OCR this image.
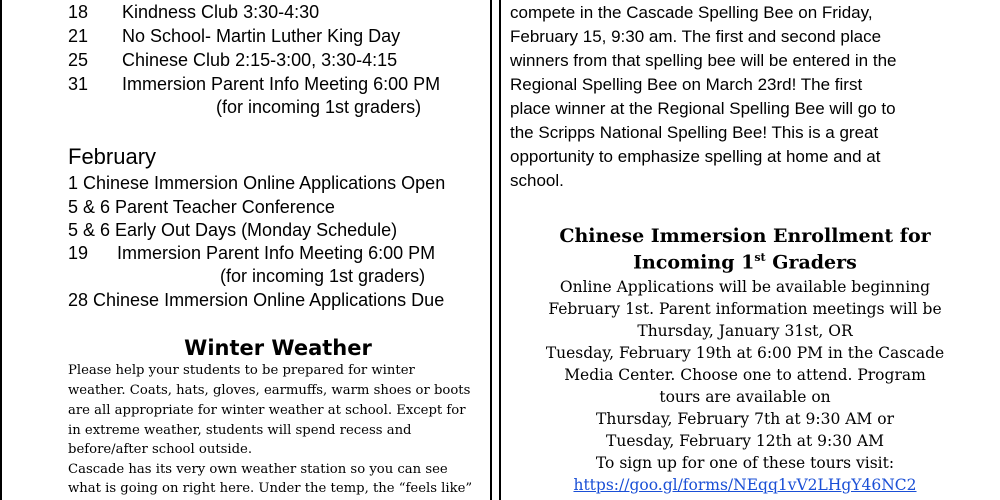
18 Kindness Club 3:30-4:30
21 No School- Martin Luther King Day
25 Chinese Club 2:15-3:00, 3:30-4:15
31 Immersion Parent Info Meeting 6:00 PM
(for incoming 1st graders)
February
1 Chinese Immersion Online Applications Open
5 & 6 Parent Teacher Conference
5 & 6 Early Out Days (Monday Schedule)
19 Immersion Parent Info Meeting 6:00 PM
(for incoming 1st graders)
28 Chinese Immersion Online Applications Due
Winter Weather
Please help your students to be prepared for winter
weather. Coats, hats, gloves, earmuffs, warm shoes or boots
are all appropriate for winter weather at school. Except for
in extreme weather, students will spend recess and
before/after school outside.
Cascade has its very own weather station so you can see
what is going on right here. Under the temp, the “feels like”
compete in the Cascade Spelling Bee on Friday,
February 15, 9:30 am. The first and second place
winners from that spelling bee will be entered in the
Regional Spelling Bee on March 23rd! The first
place winner at the Regional Spelling Bee will go to
the Scripps National Spelling Bee! This is a great
opportunity to emphasize spelling at home and at
school.
Chinese Immersion Enrollment for
Incoming 1st Graders
Online Applications will be available beginning
February 1st. Parent information meetings will be
Thursday, January 31st, OR
Tuesday, February 19th at 6:00 PM in the Cascade
Media Center. Choose one to attend. Program
tours are available on
Thursday, February 7th at 9:30 AM or
Tuesday, February 12th at 9:30 AM
To sign up for one of these tours visit:
https://goo.gl/forms/NEqq1vV2LHgY46NC2
